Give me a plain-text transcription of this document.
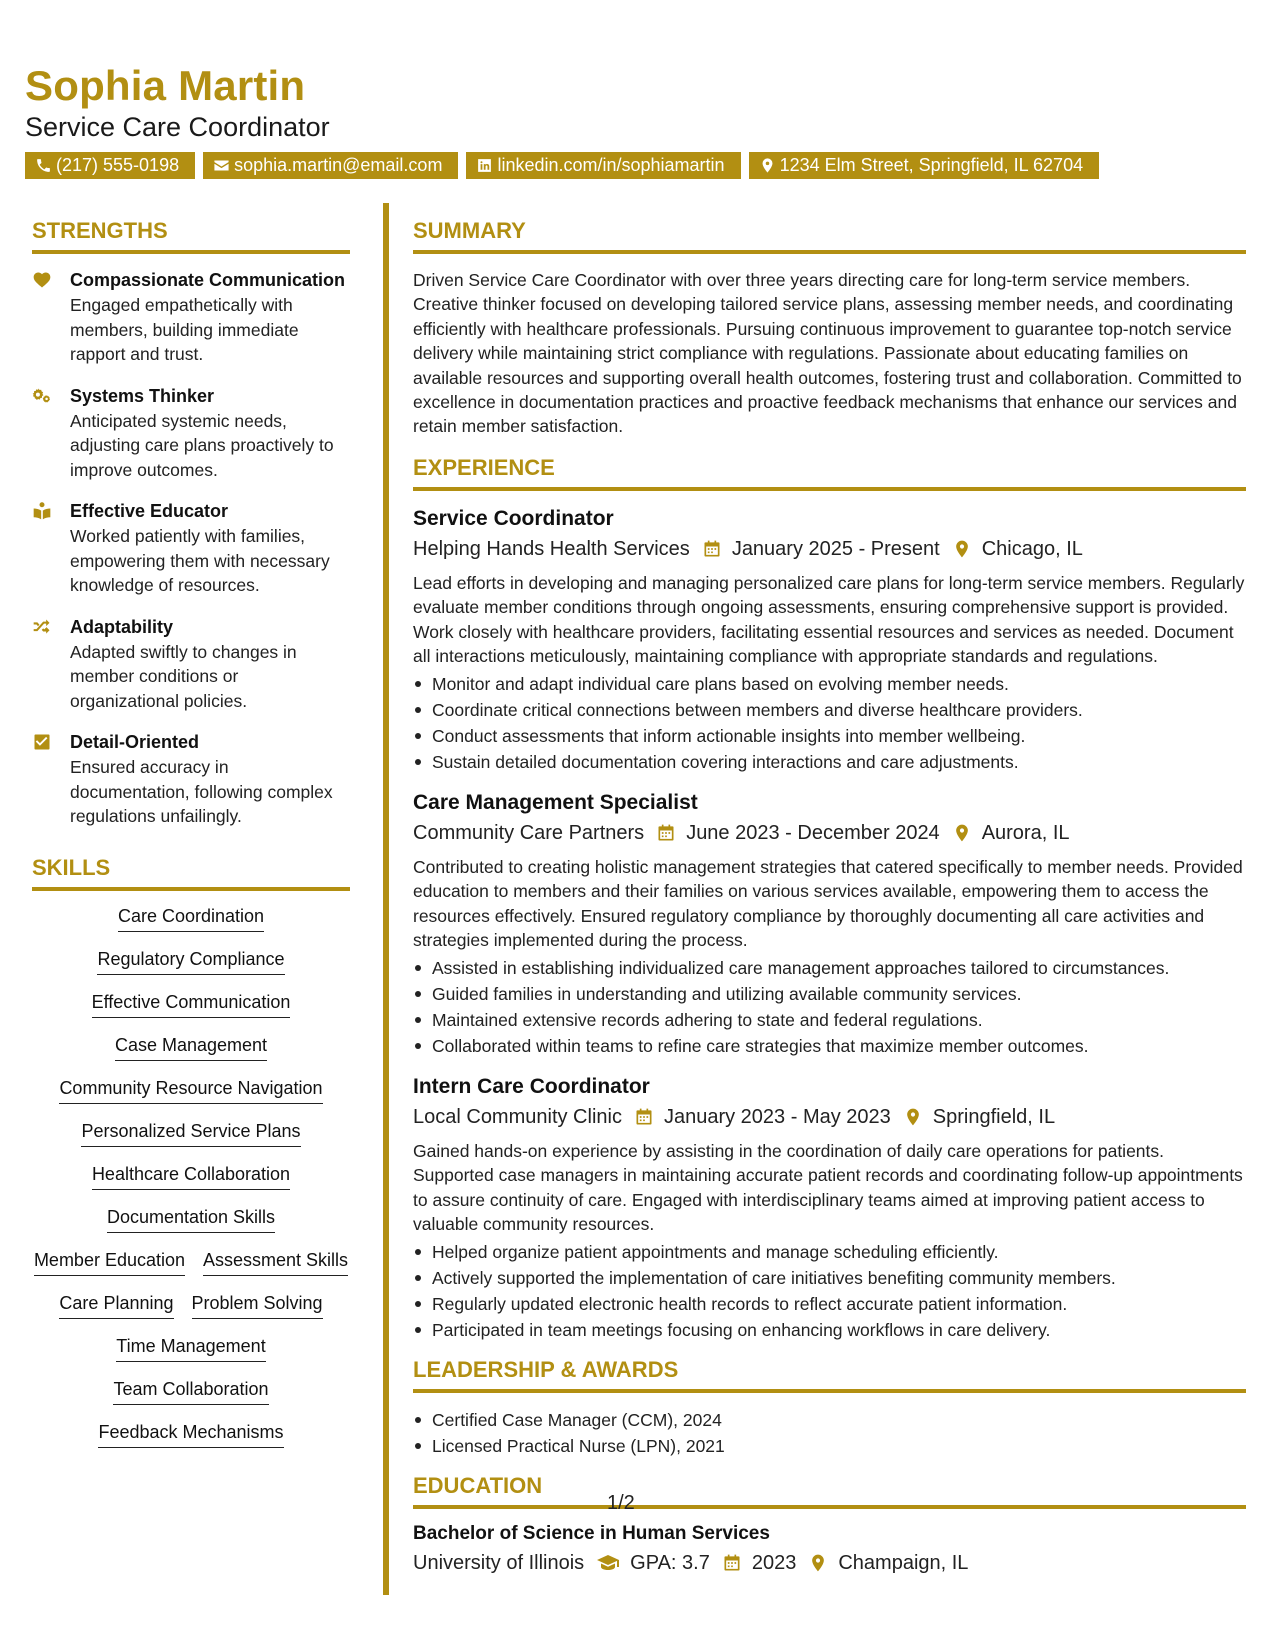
Sophia Martin
Service Care Coordinator
(217) 555-0198	sophia.martin@email.com	linkedin.com/in/sophiamartin	1234 Elm Street, Springfield, IL 62704
STRENGTHS
Compassionate Communication
Engaged empathetically with members, building immediate rapport and trust.
Systems Thinker
Anticipated systemic needs, adjusting care plans proactively to improve outcomes.
Effective Educator
Worked patiently with families, empowering them with necessary knowledge of resources.
Adaptability
Adapted swiftly to changes in member conditions or organizational policies.
Detail-Oriented
Ensured accuracy in documentation, following complex regulations unfailingly.
SKILLS
Care Coordination
Regulatory Compliance
Effective Communication
Case Management
Community Resource Navigation
Personalized Service Plans
Healthcare Collaboration
Documentation Skills
Member Education Assessment Skills
Care Planning Problem Solving
Time Management
Team Collaboration
Feedback Mechanisms
SUMMARY
Driven Service Care Coordinator with over three years directing care for long-term service members. Creative thinker focused on developing tailored service plans, assessing member needs, and coordinating efficiently with healthcare professionals. Pursuing continuous improvement to guarantee top-notch service delivery while maintaining strict compliance with regulations. Passionate about educating families on available resources and supporting overall health outcomes, fostering trust and collaboration. Committed to excellence in documentation practices and proactive feedback mechanisms that enhance our services and retain member satisfaction.
EXPERIENCE
Service Coordinator
Helping Hands Health Services January 2025 - Present Chicago, IL
Lead efforts in developing and managing personalized care plans for long-term service members. Regularly evaluate member conditions through ongoing assessments, ensuring comprehensive support is provided. Work closely with healthcare providers, facilitating essential resources and services as needed. Document all interactions meticulously, maintaining compliance with appropriate standards and regulations.
Monitor and adapt individual care plans based on evolving member needs.
Coordinate critical connections between members and diverse healthcare providers.
Conduct assessments that inform actionable insights into member wellbeing.
Sustain detailed documentation covering interactions and care adjustments.
Care Management Specialist
Community Care Partners June 2023 - December 2024 Aurora, IL
Contributed to creating holistic management strategies that catered specifically to member needs. Provided education to members and their families on various services available, empowering them to access the resources effectively. Ensured regulatory compliance by thoroughly documenting all care activities and strategies implemented during the process.
Assisted in establishing individualized care management approaches tailored to circumstances.
Guided families in understanding and utilizing available community services.
Maintained extensive records adhering to state and federal regulations.
Collaborated within teams to refine care strategies that maximize member outcomes.
Intern Care Coordinator
Local Community Clinic January 2023 - May 2023 Springfield, IL
Gained hands-on experience by assisting in the coordination of daily care operations for patients. Supported case managers in maintaining accurate patient records and coordinating follow-up appointments to assure continuity of care. Engaged with interdisciplinary teams aimed at improving patient access to valuable community resources.
Helped organize patient appointments and manage scheduling efficiently.
Actively supported the implementation of care initiatives benefiting community members.
Regularly updated electronic health records to reflect accurate patient information.
Participated in team meetings focusing on enhancing workflows in care delivery.
LEADERSHIP & AWARDS
Certified Case Manager (CCM), 2024
Licensed Practical Nurse (LPN), 2021
EDUCATION
Bachelor of Science in Human Services
University of Illinois GPA: 3.7 2023 Champaign, IL
1/2
